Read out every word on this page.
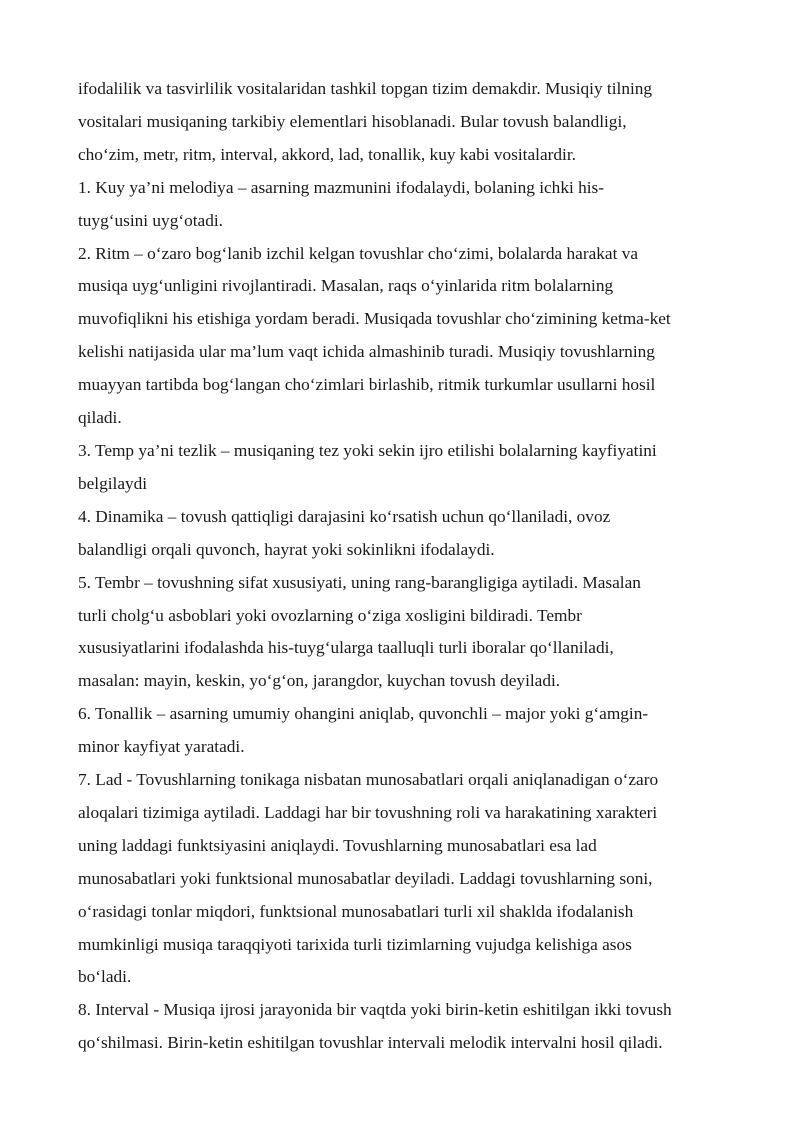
ifodalilik va tasvirlilik vositalaridan tashkil topgan tizim demakdir. Musiqiy tilning
vositalari musiqaning tarkibiy elementlari hisoblanadi. Bular tovush balandligi,
cho‘zim, metr, ritm, interval, akkord, lad, tonallik, kuy kabi vositalardir.
1. Kuy ya’ni melodiya – asarning mazmunini ifodalaydi, bolaning ichki his-
tuyg‘usini uyg‘otadi.
2. Ritm – o‘zaro bog‘lanib izchil kelgan tovushlar cho‘zimi, bolalarda harakat va
musiqa uyg‘unligini rivojlantiradi. Masalan, raqs o‘yinlarida ritm bolalarning
muvofiqlikni his etishiga yordam beradi. Musiqada tovushlar cho‘zimining ketma-ket
kelishi natijasida ular ma’lum vaqt ichida almashinib turadi. Musiqiy tovushlarning
muayyan tartibda bog‘langan cho‘zimlari birlashib, ritmik turkumlar usullarni hosil
qiladi.
3. Temp ya’ni tezlik – musiqaning tez yoki sekin ijro etilishi bolalarning kayfiyatini
belgilaydi
4. Dinamika – tovush qattiqligi darajasini ko‘rsatish uchun qo‘llaniladi, ovoz
balandligi orqali quvonch, hayrat yoki sokinlikni ifodalaydi.
5. Tembr – tovushning sifat xususiyati, uning rang-barangligiga aytiladi. Masalan
turli cholg‘u asboblari yoki ovozlarning o‘ziga xosligini bildiradi. Tembr
xususiyatlarini ifodalashda his-tuyg‘ularga taalluqli turli iboralar qo‘llaniladi,
masalan: mayin, keskin, yo‘g‘on, jarangdor, kuychan tovush deyiladi.
6. Tonallik – asarning umumiy ohangini aniqlab, quvonchli – major yoki g‘amgin-
minor kayfiyat yaratadi.
7. Lad - Tovushlarning tonikaga nisbatan munosabatlari orqali aniqlanadigan o‘zaro
aloqalari tizimiga aytiladi. Laddagi har bir tovushning roli va harakatining xarakteri
uning laddagi funktsiyasini aniqlaydi. Tovushlarning munosabatlari esa lad
munosabatlari yoki funktsional munosabatlar deyiladi. Laddagi tovushlarning soni,
o‘rasidagi tonlar miqdori, funktsional munosabatlari turli xil shaklda ifodalanish
mumkinligi musiqa taraqqiyoti tarixida turli tizimlarning vujudga kelishiga asos
bo‘ladi.
8. Interval - Musiqa ijrosi jarayonida bir vaqtda yoki birin-ketin eshitilgan ikki tovush
qo‘shilmasi. Birin-ketin eshitilgan tovushlar intervali melodik intervalni hosil qiladi.
